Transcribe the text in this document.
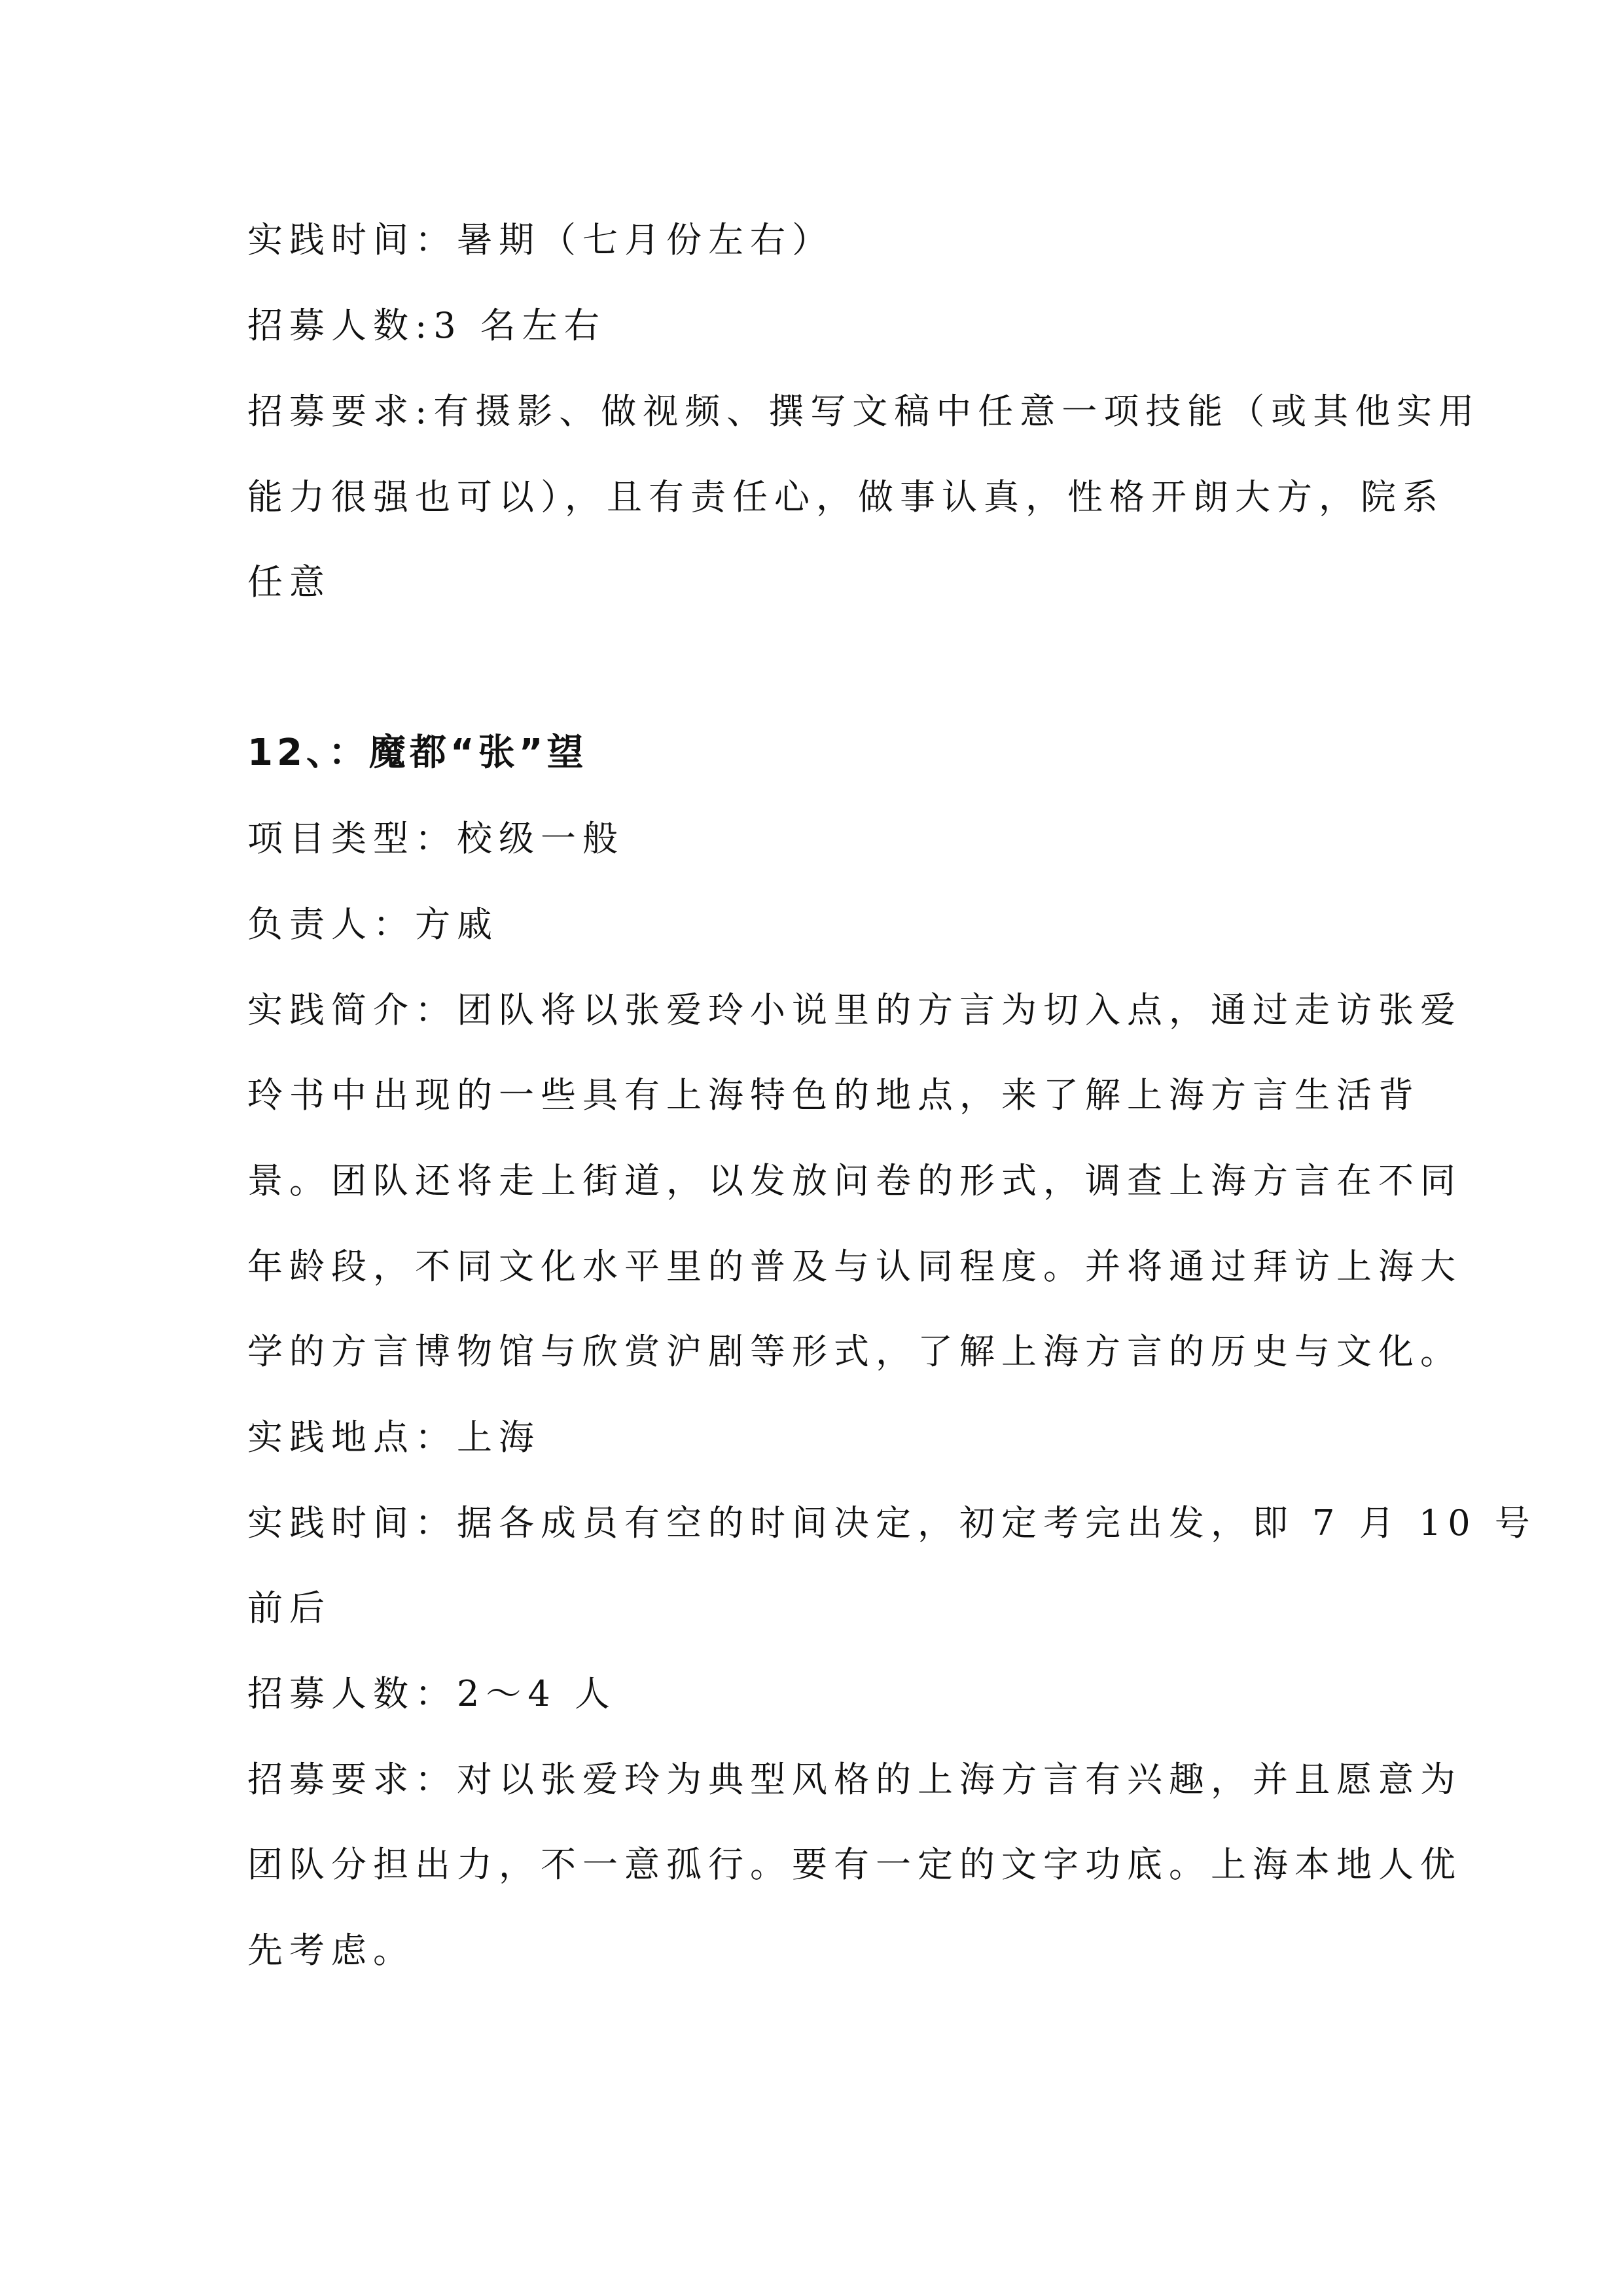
实践时间：暑期（七月份左右）
招募人数:3 名左右
招募要求:有摄影、做视频、撰写文稿中任意一项技能（或其他实用
能力很强也可以），且有责任心，做事认真，性格开朗大方，院系
任意
12、：魔都“张”望
项目类型：校级一般
负责人：方戚
实践简介：团队将以张爱玲小说里的方言为切入点，通过走访张爱
玲书中出现的一些具有上海特色的地点，来了解上海方言生活背
景。团队还将走上街道，以发放问卷的形式，调查上海方言在不同
年龄段，不同文化水平里的普及与认同程度。并将通过拜访上海大
学的方言博物馆与欣赏沪剧等形式，了解上海方言的历史与文化。
实践地点：上海
实践时间：据各成员有空的时间决定，初定考完出发，即 7 月 10 号
前后
招募人数：2～4 人
招募要求：对以张爱玲为典型风格的上海方言有兴趣，并且愿意为
团队分担出力，不一意孤行。要有一定的文字功底。上海本地人优
先考虑。
